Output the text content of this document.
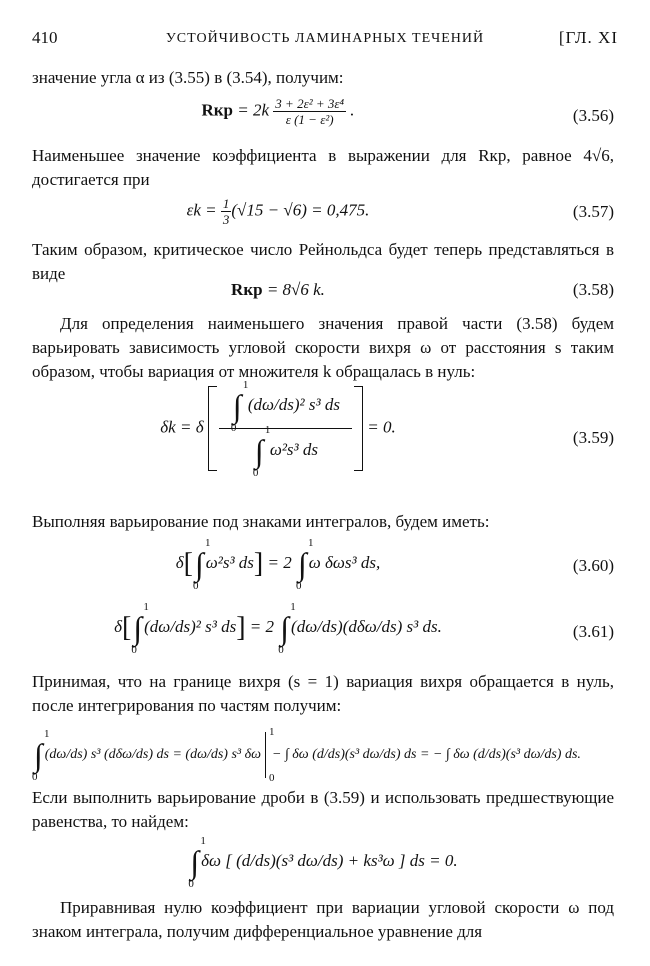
410	УСТОЙЧИВОСТЬ ЛАМИНАРНЫХ ТЕЧЕНИЙ	[ГЛ. XI
значение угла α из (3.55) в (3.54), получим:
Rкр = $2k \frac{\text{3 + 2ε² + 3ε⁴}}{\text{ε (1 − ε²)}}$ .	(3.56)
Наименьшее значение коэффициента в выражении для Rкр, равное 4√6, достигается при
$\varepsilon k = \frac{1}{3} (√15 - √6) = 0,475$.	(3.57)
Таким образом, критическое число Рейнольдса будет теперь представляться в виде
Rкр = 8√6 k.	(3.58)
Для определения наименьшего значения правой части (3.58) будем варьировать зависимость угловой скорости вихря ω от расстояния s таким образом, чтобы вариация от множителя k обращалась в нуль:
δk = δ ∫
1
0
(dω/ds)² s³ ds
∫
1
0
ω²s³ ds = 0.
(3.59)
Выполняя варьирование под знаками интегралов, будем иметь:
δ[∫
1
0
ω²s³ ds] = 2 ∫
1
0
ω δωs³ ds,	(3.60)
δ[∫
1
0
(dω/ds)² s³ ds] = 2 ∫
1
0
(dω/ds)(dδω/ds) s³ ds.	(3.61)
Принимая, что на границе вихря (s = 1) вариация вихря обращается в нуль, после интегрирования по частям получим:
∫
1
0
(dω/ds) s³ (dδω/ds) ds = (dω/ds) s³ δω
1
0
− ∫ δω (d/ds)(s³ dω/ds) ds = − ∫ δω (d/ds)(s³ dω/ds) ds.
Если выполнить варьирование дроби в (3.59) и использовать предшествующие равенства, то найдем:
∫
1
0
δω [ (d/ds)(s³ dω/ds) + ks³ω ] ds = 0.
Приравнивая нулю коэффициент при вариации угловой скорости ω под знаком интеграла, получим дифференциальное уравнение для
